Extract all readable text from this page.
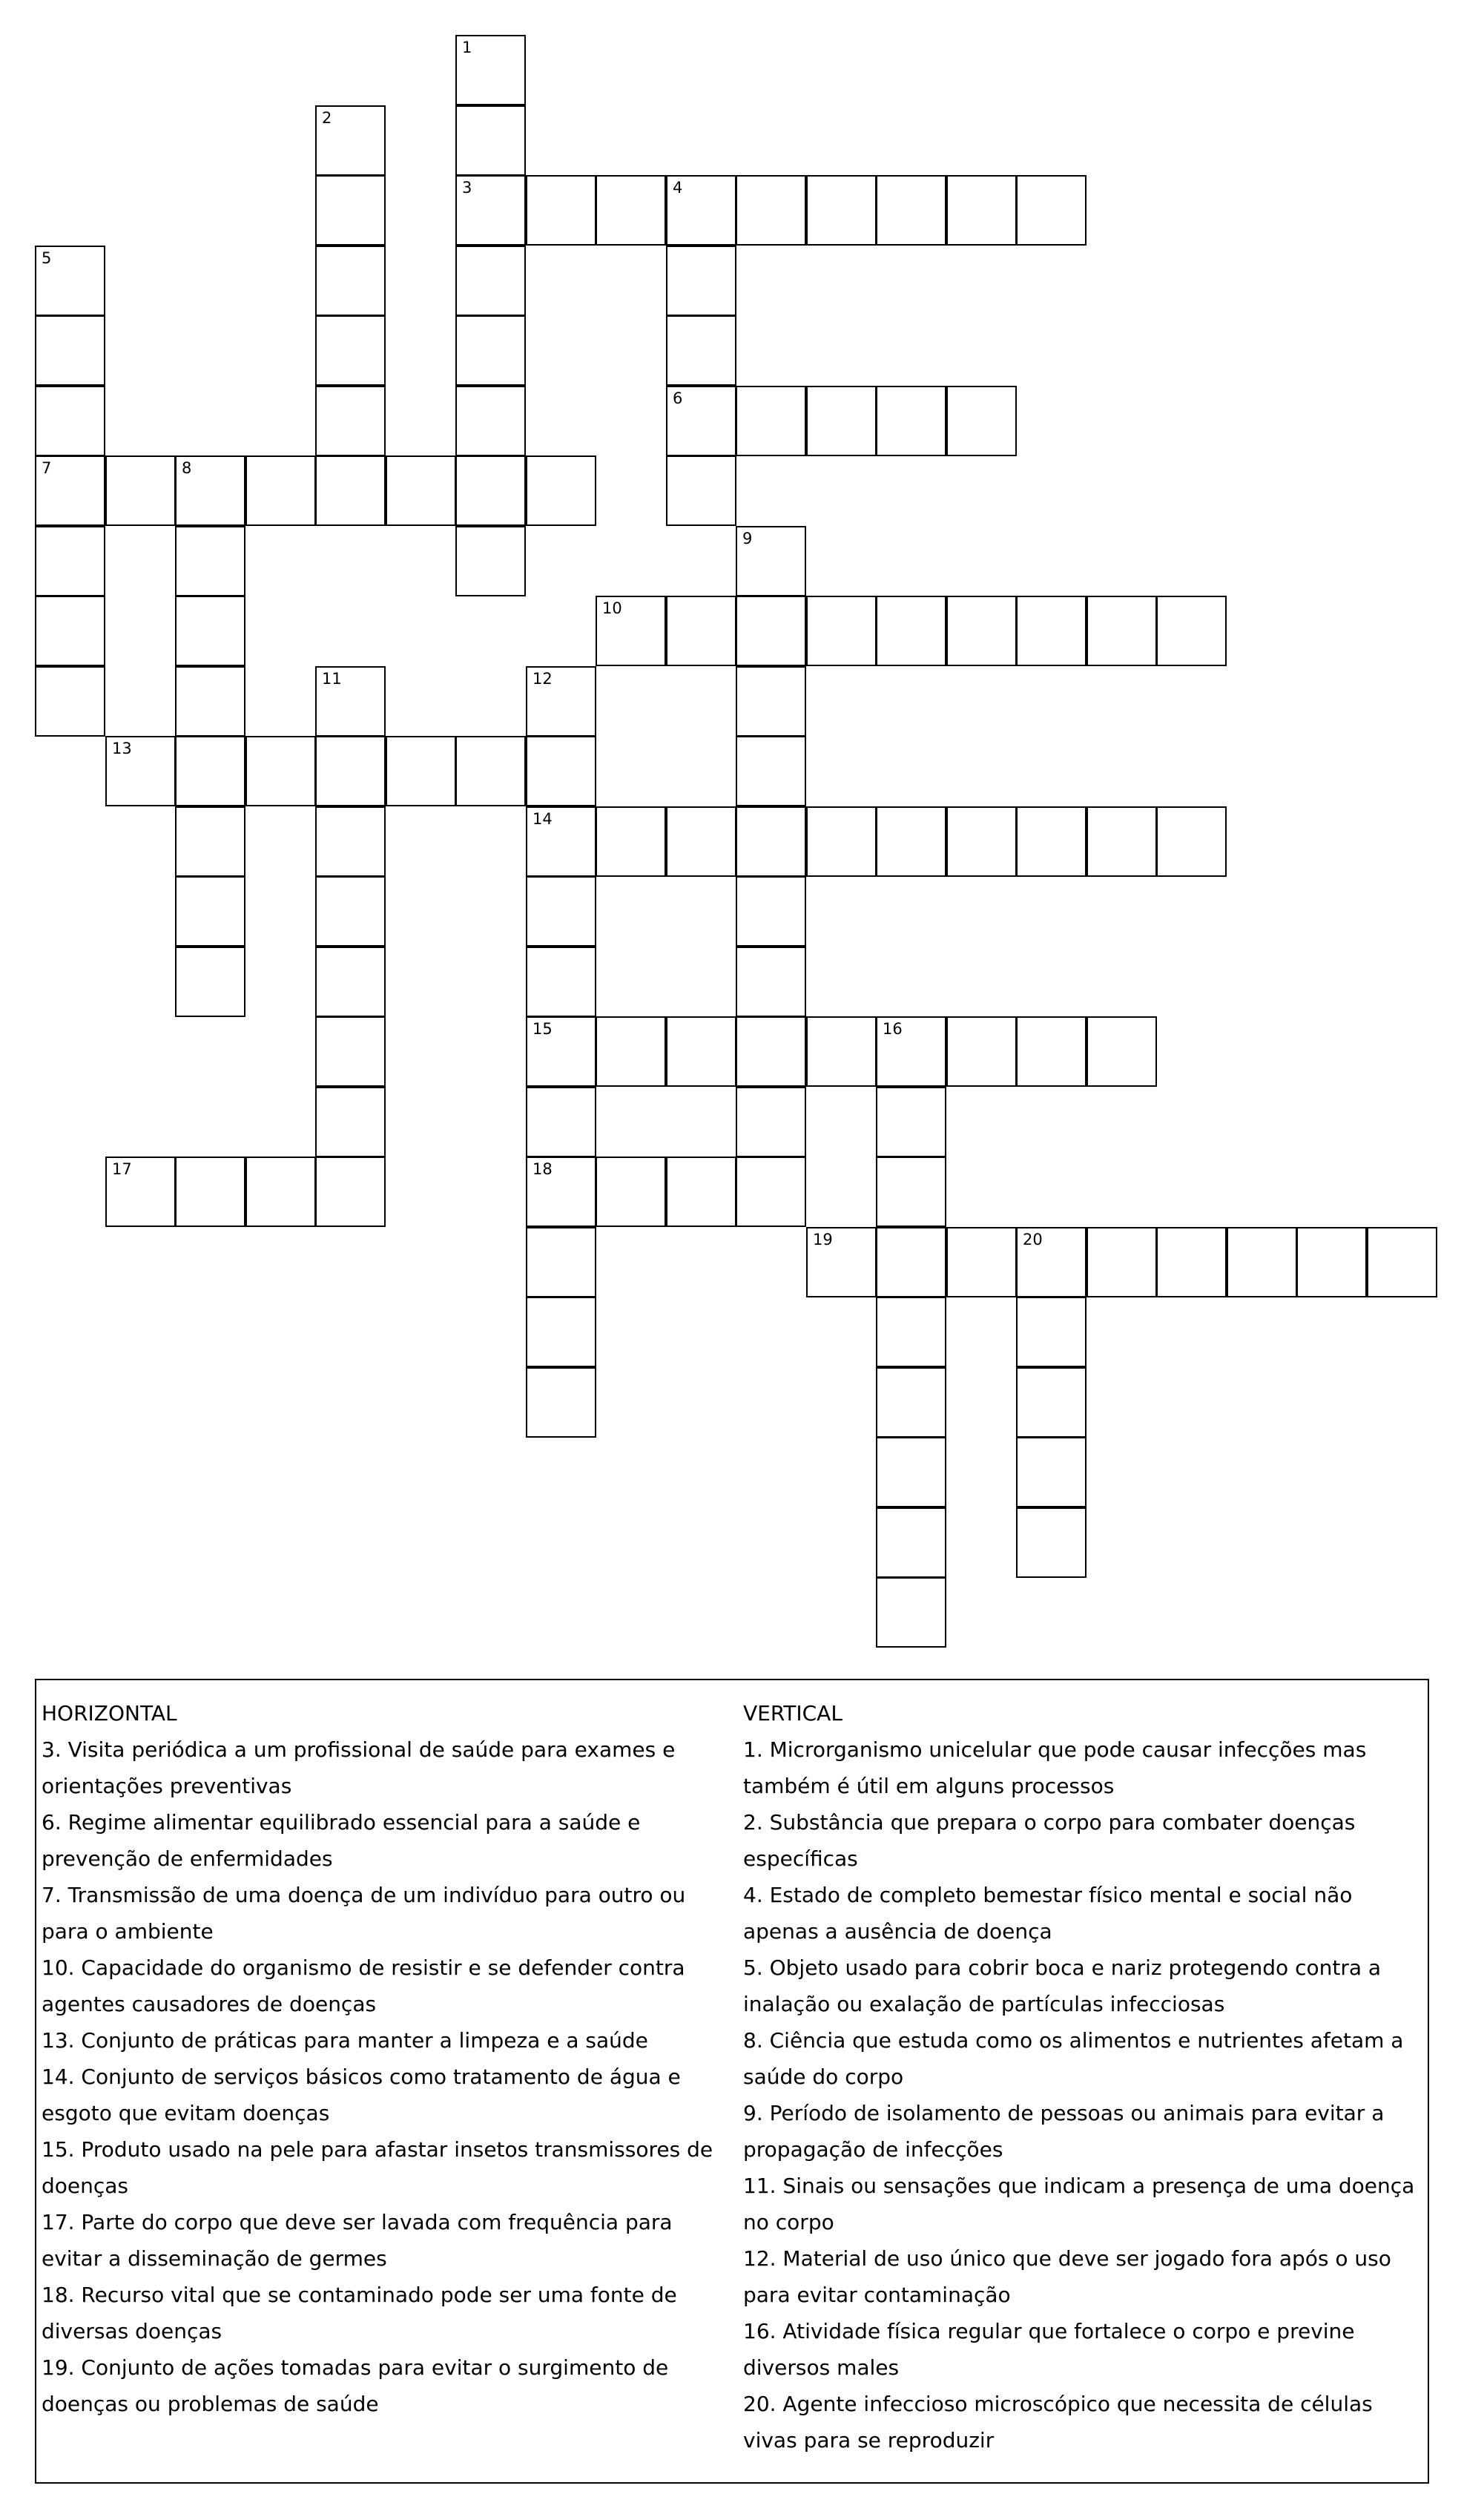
1
3
2
4
6
5
7	8
9
10
11	12
14
15
18
13
16
17
19	20
HORIZONTAL

3. Visita periódica a um profissional de saúde para exames e orientações preventivas

6. Regime alimentar equilibrado essencial para a saúde e prevenção de enfermidades

7. Transmissão de uma doença de um indivíduo para outro ou para o ambiente

10. Capacidade do organismo de resistir e se defender contra agentes causadores de doenças

13. Conjunto de práticas para manter a limpeza e a saúde

14. Conjunto de serviços básicos como tratamento de água e esgoto que evitam doenças

15. Produto usado na pele para afastar insetos transmissores de doenças

17. Parte do corpo que deve ser lavada com frequência para evitar a disseminação de germes

18. Recurso vital que se contaminado pode ser uma fonte de diversas doenças

19. Conjunto de ações tomadas para evitar o surgimento de doenças ou problemas de saúde

VERTICAL

1. Microrganismo unicelular que pode causar infecções mas também é útil em alguns processos

2. Substância que prepara o corpo para combater doenças específicas

4. Estado de completo bemestar físico mental e social não apenas a ausência de doença

5. Objeto usado para cobrir boca e nariz protegendo contra a inalação ou exalação de partículas infecciosas

8. Ciência que estuda como os alimentos e nutrientes afetam a saúde do corpo

9. Período de isolamento de pessoas ou animais para evitar a propagação de infecções

11. Sinais ou sensações que indicam a presença de uma doença no corpo

12. Material de uso único que deve ser jogado fora após o uso para evitar contaminação

16. Atividade física regular que fortalece o corpo e previne diversos males

20. Agente infeccioso microscópico que necessita de células vivas para se reproduzir
